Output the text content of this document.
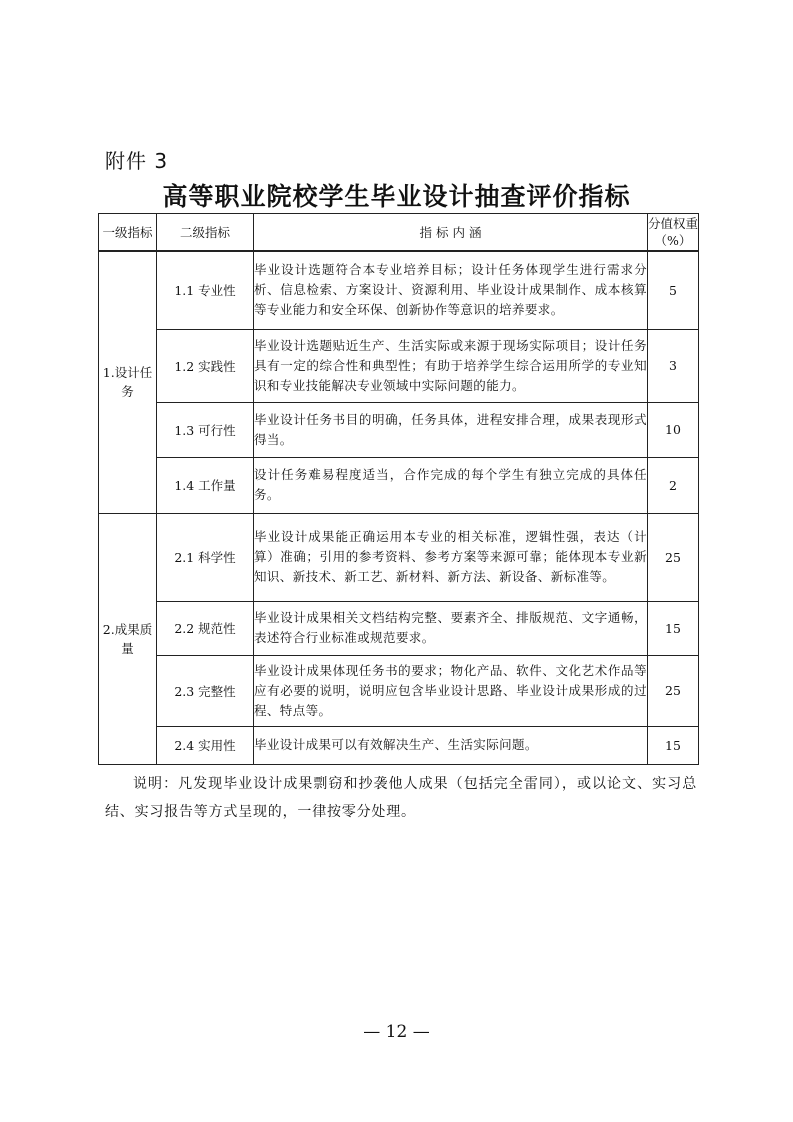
附件 3
高等职业院校学生毕业设计抽查评价指标
一级指标	二级指标	指 标 内 涵	分值权重（%）
1.设计任务	1.1 专业性	毕业设计选题符合本专业培养目标；设计任务体现学生进行需求分析、信息检索、方案设计、资源利用、毕业设计成果制作、成本核算等专业能力和安全环保、创新协作等意识的培养要求。	5
	1.2 实践性	毕业设计选题贴近生产、生活实际或来源于现场实际项目；设计任务具有一定的综合性和典型性；有助于培养学生综合运用所学的专业知识和专业技能解决专业领域中实际问题的能力。	3
	1.3 可行性	毕业设计任务书目的明确，任务具体，进程安排合理，成果表现形式得当。	10
	1.4 工作量	设计任务难易程度适当，合作完成的每个学生有独立完成的具体任务。	2
2.成果质量	2.1 科学性	毕业设计成果能正确运用本专业的相关标准，逻辑性强，表达（计算）准确；引用的参考资料、参考方案等来源可靠；能体现本专业新知识、新技术、新工艺、新材料、新方法、新设备、新标准等。	25
	2.2 规范性	毕业设计成果相关文档结构完整、要素齐全、排版规范、文字通畅，表述符合行业标准或规范要求。	15
	2.3 完整性	毕业设计成果体现任务书的要求；物化产品、软件、文化艺术作品等应有必要的说明，说明应包含毕业设计思路、毕业设计成果形成的过程、特点等。	25
	2.4 实用性	毕业设计成果可以有效解决生产、生活实际问题。	15
说明：凡发现毕业设计成果剽窃和抄袭他人成果（包括完全雷同），或以论文、实习总结、实习报告等方式呈现的，一律按零分处理。
— 12 —
